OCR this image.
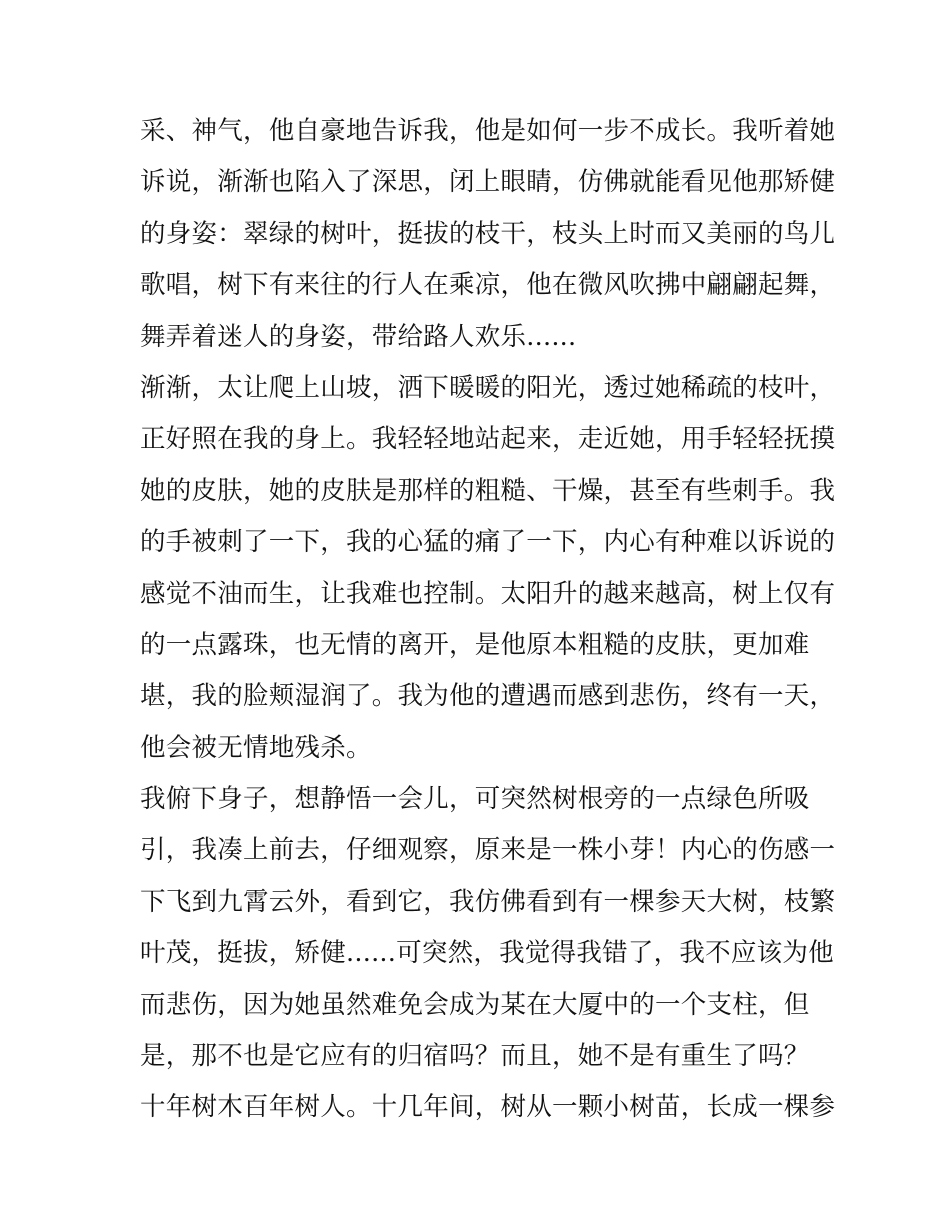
采、神气，他自豪地告诉我，他是如何一步不成长。我听着她
诉说，渐渐也陷入了深思，闭上眼睛，仿佛就能看见他那矫健
的身姿：翠绿的树叶，挺拔的枝干，枝头上时而又美丽的鸟儿
歌唱，树下有来往的行人在乘凉，他在微风吹拂中翩翩起舞，
舞弄着迷人的身姿，带给路人欢乐......
渐渐，太让爬上山坡，洒下暖暖的阳光，透过她稀疏的枝叶，
正好照在我的身上。我轻轻地站起来，走近她，用手轻轻抚摸
她的皮肤，她的皮肤是那样的粗糙、干燥，甚至有些刺手。我
的手被刺了一下，我的心猛的痛了一下，内心有种难以诉说的
感觉不油而生，让我难也控制。太阳升的越来越高，树上仅有
的一点露珠，也无情的离开，是他原本粗糙的皮肤，更加难
堪，我的脸颊湿润了。我为他的遭遇而感到悲伤，终有一天，
他会被无情地残杀。
我俯下身子，想静悟一会儿，可突然树根旁的一点绿色所吸
引，我凑上前去，仔细观察，原来是一株小芽！内心的伤感一
下飞到九霄云外，看到它，我仿佛看到有一棵参天大树，枝繁
叶茂，挺拔，矫健......可突然，我觉得我错了，我不应该为他
而悲伤，因为她虽然难免会成为某在大厦中的一个支柱，但
是，那不也是它应有的归宿吗？而且，她不是有重生了吗？
十年树木百年树人。十几年间，树从一颗小树苗，长成一棵参
